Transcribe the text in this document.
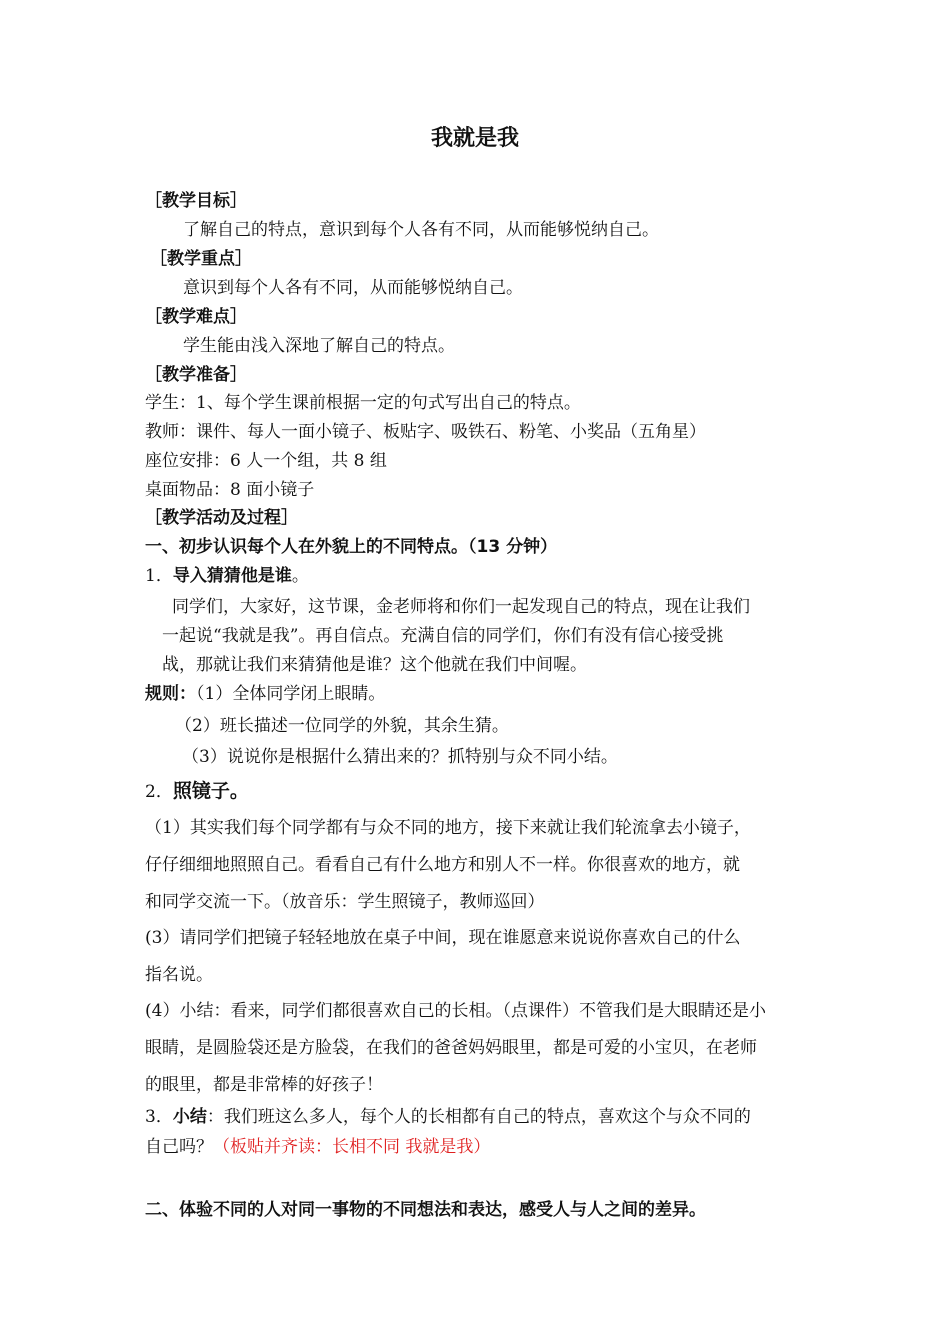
我就是我
［教学目标］
了解自己的特点，意识到每个人各有不同，从而能够悦纳自己。
［教学重点］
意识到每个人各有不同，从而能够悦纳自己。
［教学难点］
学生能由浅入深地了解自己的特点。
［教学准备］
学生：1、每个学生课前根据一定的句式写出自己的特点。
教师：课件、每人一面小镜子、板贴字、吸铁石、粉笔、小奖品（五角星）
座位安排：6 人一个组，共 8 组
桌面物品：8 面小镜子
［教学活动及过程］
一、初步认识每个人在外貌上的不同特点。（13 分钟）
1．导入猜猜他是谁。
同学们，大家好，这节课，金老师将和你们一起发现自己的特点，现在让我们
一起说“我就是我”。再自信点。充满自信的同学们，你们有没有信心接受挑
战，那就让我们来猜猜他是谁？这个他就在我们中间喔。
规则：（1）全体同学闭上眼睛。
（2）班长描述一位同学的外貌，其余生猜。
（3）说说你是根据什么猜出来的？抓特别与众不同小结。
2．照镜子。
（1）其实我们每个同学都有与众不同的地方，接下来就让我们轮流拿去小镜子，
仔仔细细地照照自己。看看自己有什么地方和别人不一样。你很喜欢的地方，就
和同学交流一下。（放音乐：学生照镜子，教师巡回）
(3）请同学们把镜子轻轻地放在桌子中间，现在谁愿意来说说你喜欢自己的什么
指名说。
(4）小结：看来，同学们都很喜欢自己的长相。（点课件）不管我们是大眼睛还是小
眼睛，是圆脸袋还是方脸袋，在我们的爸爸妈妈眼里，都是可爱的小宝贝，在老师
的眼里，都是非常棒的好孩子！
3．小结：我们班这么多人，每个人的长相都有自己的特点，喜欢这个与众不同的
自己吗？（板贴并齐读：长相不同 我就是我）
二、体验不同的人对同一事物的不同想法和表达，感受人与人之间的差异。
